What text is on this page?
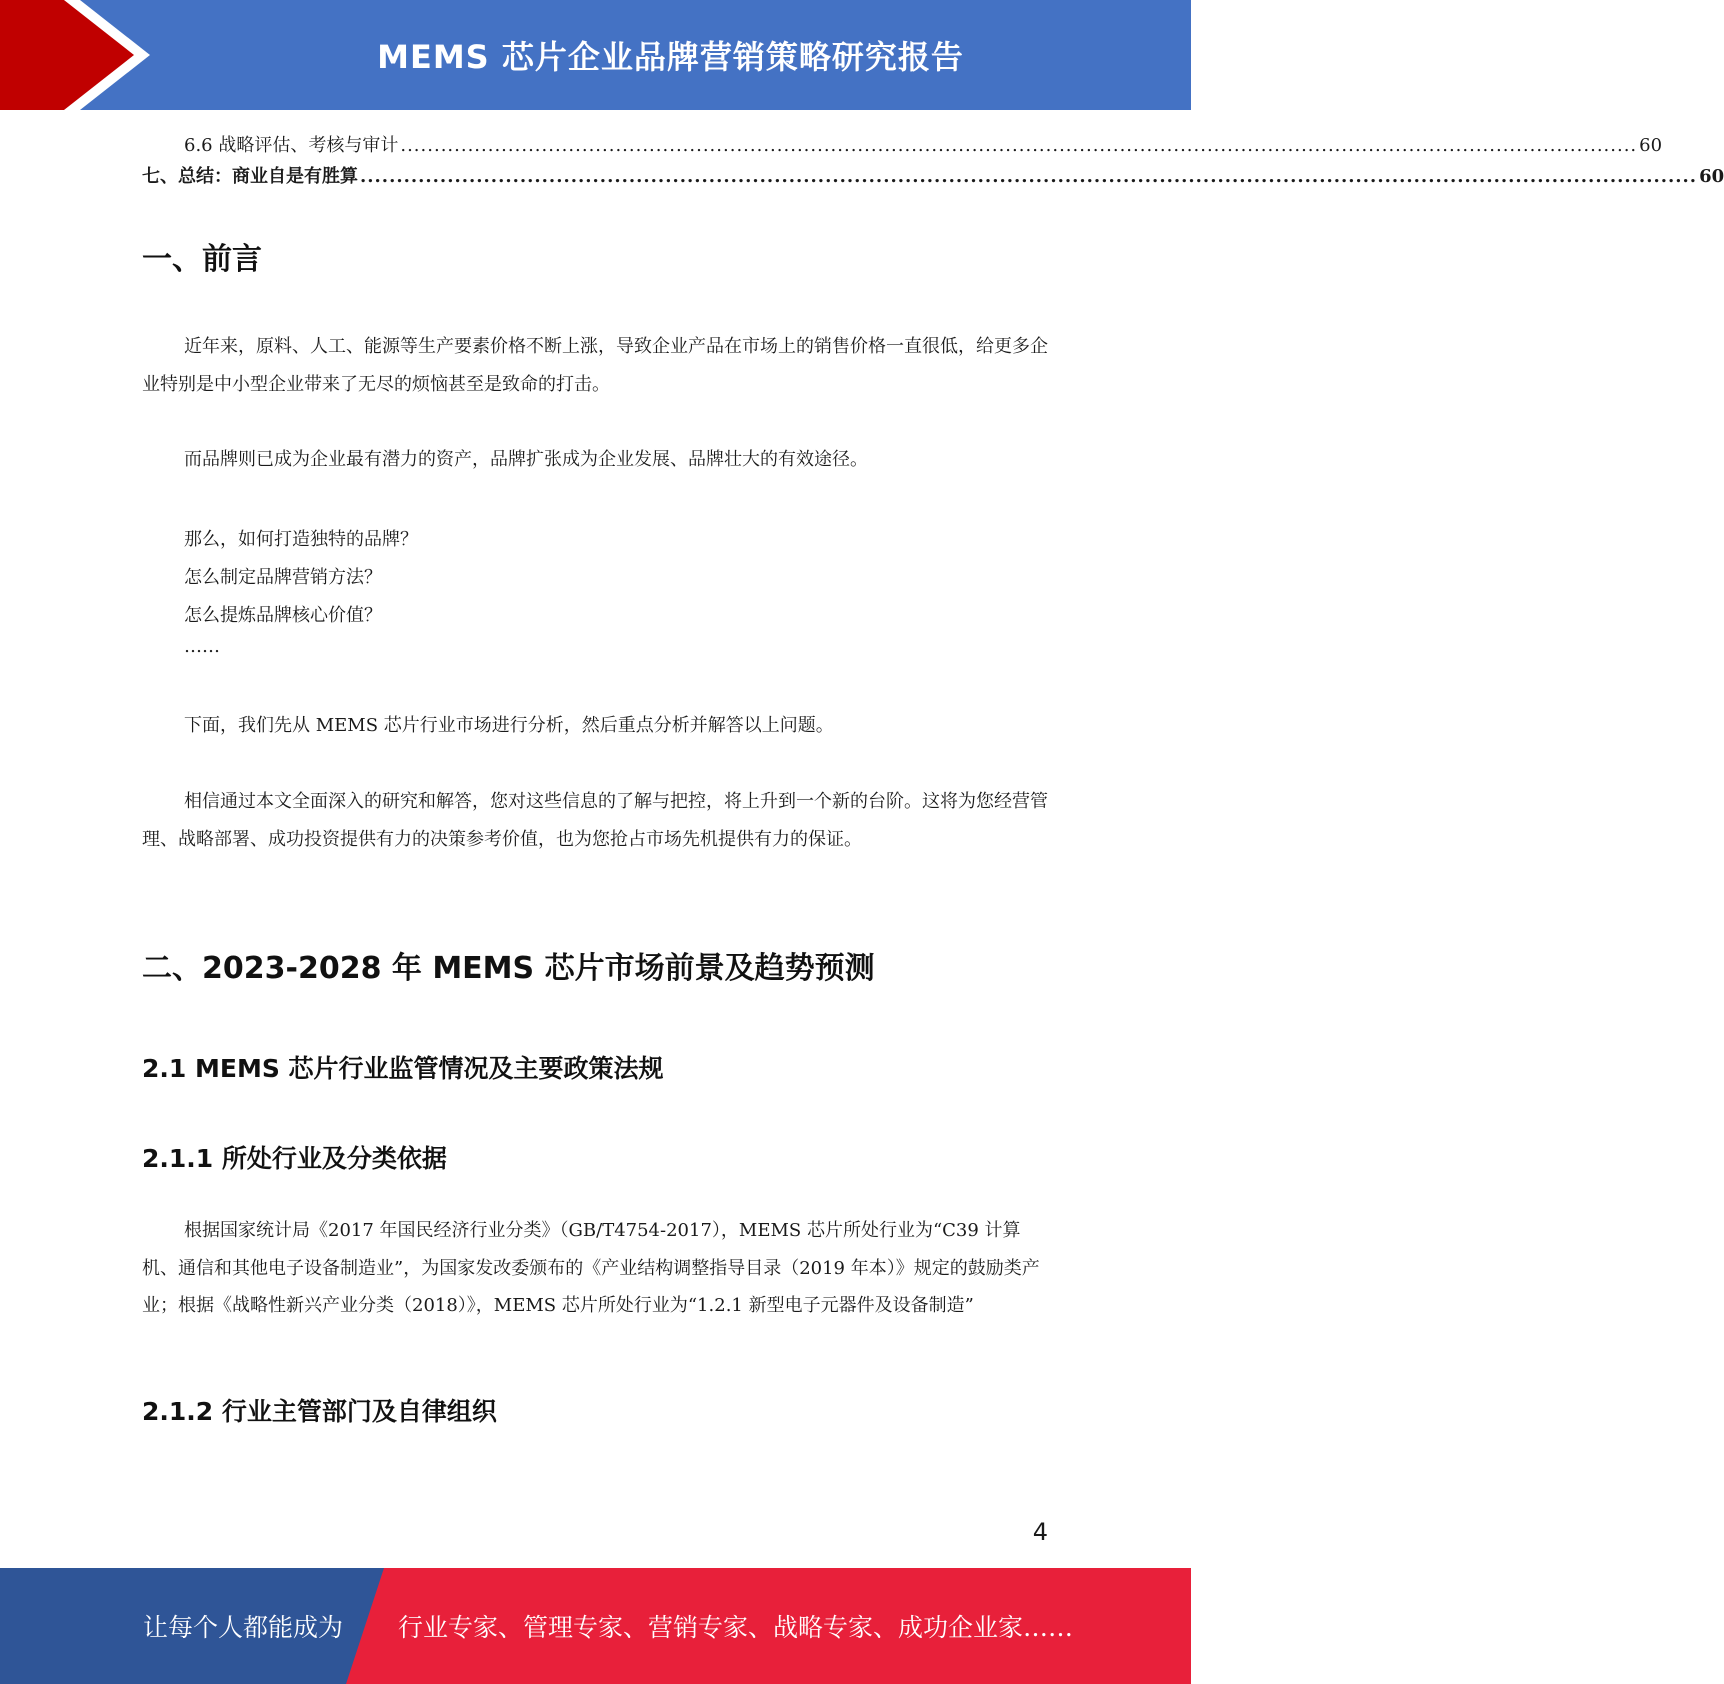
MEMS 芯片企业品牌营销策略研究报告
6.6 战略评估、考核与审计 ........................................................................................................................................................................................ 60
七、总结：商业自是有胜算 ........................................................................................................................................................................................ 60
一、前言
近年来，原料、人工、能源等生产要素价格不断上涨，导致企业产品在市场上的销售价格一直很低，给更多企业特别是中小型企业带来了无尽的烦恼甚至是致命的打击。
而品牌则已成为企业最有潜力的资产，品牌扩张成为企业发展、品牌壮大的有效途径。
那么，如何打造独特的品牌？
怎么制定品牌营销方法？
怎么提炼品牌核心价值？
……
下面，我们先从 MEMS 芯片行业市场进行分析，然后重点分析并解答以上问题。
相信通过本文全面深入的研究和解答，您对这些信息的了解与把控，将上升到一个新的台阶。这将为您经营管理、战略部署、成功投资提供有力的决策参考价值，也为您抢占市场先机提供有力的保证。
二、2023-2028 年 MEMS 芯片市场前景及趋势预测
2.1 MEMS 芯片行业监管情况及主要政策法规
2.1.1 所处行业及分类依据
根据国家统计局《2017 年国民经济行业分类》（GB/T4754-2017），MEMS 芯片所处行业为“C39 计算机、通信和其他电子设备制造业”，为国家发改委颁布的《产业结构调整指导目录（2019 年本）》规定的鼓励类产业；根据《战略性新兴产业分类（2018）》，MEMS 芯片所处行业为“1.2.1 新型电子元器件及设备制造”
2.1.2 行业主管部门及自律组织
4
让每个人都能成为 行业专家、管理专家、营销专家、战略专家、成功企业家……
